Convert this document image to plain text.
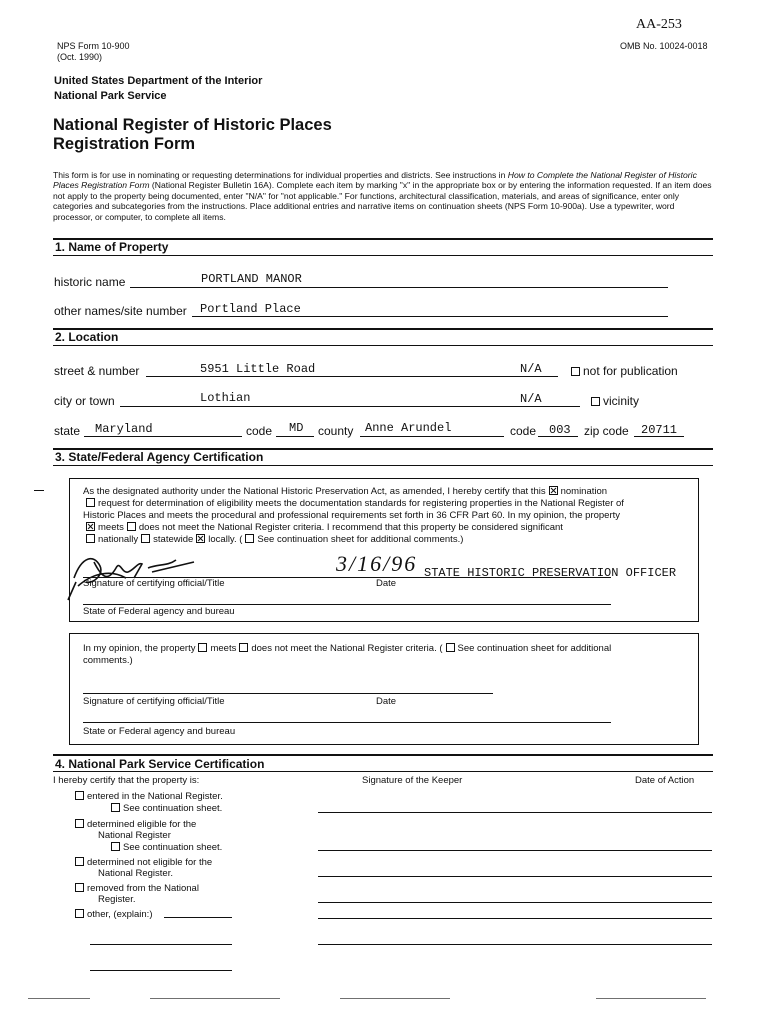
AA-253
NPS Form 10-900
(Oct. 1990)
OMB No. 10024-0018
United States Department of the Interior
National Park Service
National Register of Historic Places
Registration Form
This form is for use in nominating or requesting determinations for individual properties and districts. See instructions in How to Complete the National Register of Historic Places Registration Form (National Register Bulletin 16A). Complete each item by marking "x" in the appropriate box or by entering the information requested. If an item does not apply to the property being documented, enter "N/A" for "not applicable." For functions, architectural classification, materials, and areas of significance, enter only categories and subcategories from the instructions. Place additional entries and narrative items on continuation sheets (NPS Form 10-900a). Use a typewriter, word processor, or computer, to complete all items.
1. Name of Property
historic name	PORTLAND MANOR
other names/site number Portland Place
2. Location
street & number	5951 Little Road	N/A	not for publication
city or town	Lothian	N/A	vicinity
state Maryland	code MD county Anne Arundel	code 003 zip code 20711
3. State/Federal Agency Certification
As the designated authority under the National Historic Preservation Act, as amended, I hereby certify that this nomination
request for determination of eligibility meets the documentation standards for registering properties in the National Register of
Historic Places and meets the procedural and professional requirements set forth in 36 CFR Part 60. In my opinion, the property
meets does not meet the National Register criteria. I recommend that this property be considered significant
nationally statewide locally. ( See continuation sheet for additional comments.)
3/16/96 STATE HISTORIC PRESERVATION OFFICER
Signature of certifying official/Title	Date
State of Federal agency and bureau
In my opinion, the property meets does not meet the National Register criteria. ( See continuation sheet for additional
comments.)
Signature of certifying official/Title	Date
State or Federal agency and bureau
4. National Park Service Certification
I hereby certify that the property is:	Signature of the Keeper	Date of Action
entered in the National Register.
See continuation sheet.
determined eligible for the
National Register
See continuation sheet.
determined not eligible for the
National Register.
removed from the National
Register.
other, (explain:)
